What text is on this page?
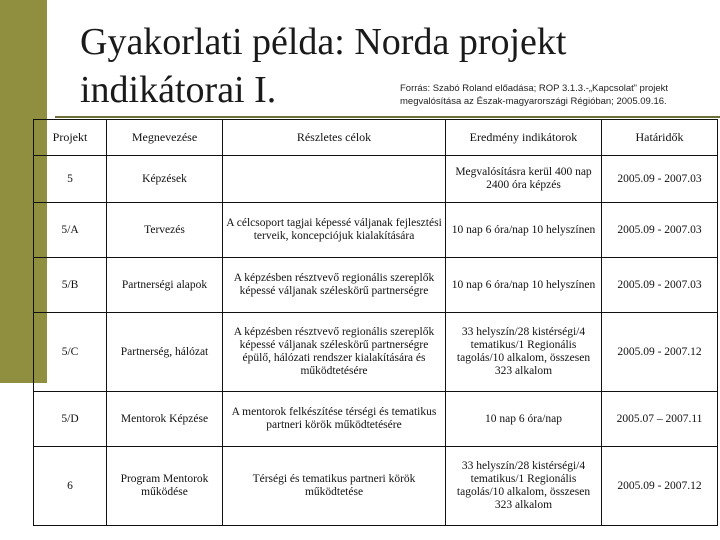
Gyakorlati példa: Norda projekt
indikátorai I.	Forrás: Szabó Roland előadása; ROP 3.1.3.-„Kapcsolat” projekt
megvalósítása az Észak-magyarországi Régióban; 2005.09.16.
Projekt	Megnevezése	Részletes célok	Eredmény indikátorok	Határidők
5	Képzések		Megvalósításra kerül 400 nap 2400 óra képzés	2005.09 - 2007.03
5/A	Tervezés	A célcsoport tagjai képessé váljanak fejlesztési terveik, koncepciójuk kialakítására	10 nap 6 óra/nap 10 helyszínen	2005.09 - 2007.03
5/B	Partnerségi alapok	A képzésben résztvevő regionális szereplők képessé váljanak széleskörű partnerségre	10 nap 6 óra/nap 10 helyszínen	2005.09 - 2007.03
5/C	Partnerség, hálózat	A képzésben résztvevő regionális szereplők képessé váljanak széleskörű partnerségre épülő, hálózati rendszer kialakítására és működtetésére	33 helyszín/28 kistérségi/4 tematikus/1 Regionális tagolás/10 alkalom, összesen 323 alkalom	2005.09 - 2007.12
5/D	Mentorok Képzése	A mentorok felkészítése térségi és tematikus partneri körök működtetésére	10 nap 6 óra/nap	2005.07 – 2007.11
6	Program Mentorok működése	Térségi és tematikus partneri körök működtetése	33 helyszín/28 kistérségi/4 tematikus/1 Regionális tagolás/10 alkalom, összesen 323 alkalom	2005.09 - 2007.12
